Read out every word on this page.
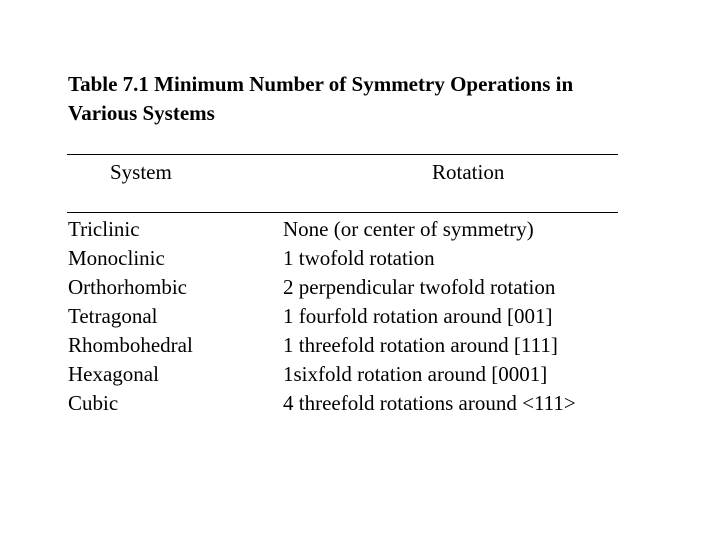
Table 7.1 Minimum Number of Symmetry Operations in
Various Systems
System	Rotation
Triclinic
Monoclinic
Orthorhombic
Tetragonal
Rhombohedral
Hexagonal
Cubic
None (or center of symmetry)
1 twofold rotation
2 perpendicular twofold rotation
1 fourfold rotation around [001]
1 threefold rotation around [111]
1sixfold rotation around [0001]
4 threefold rotations around <111>
